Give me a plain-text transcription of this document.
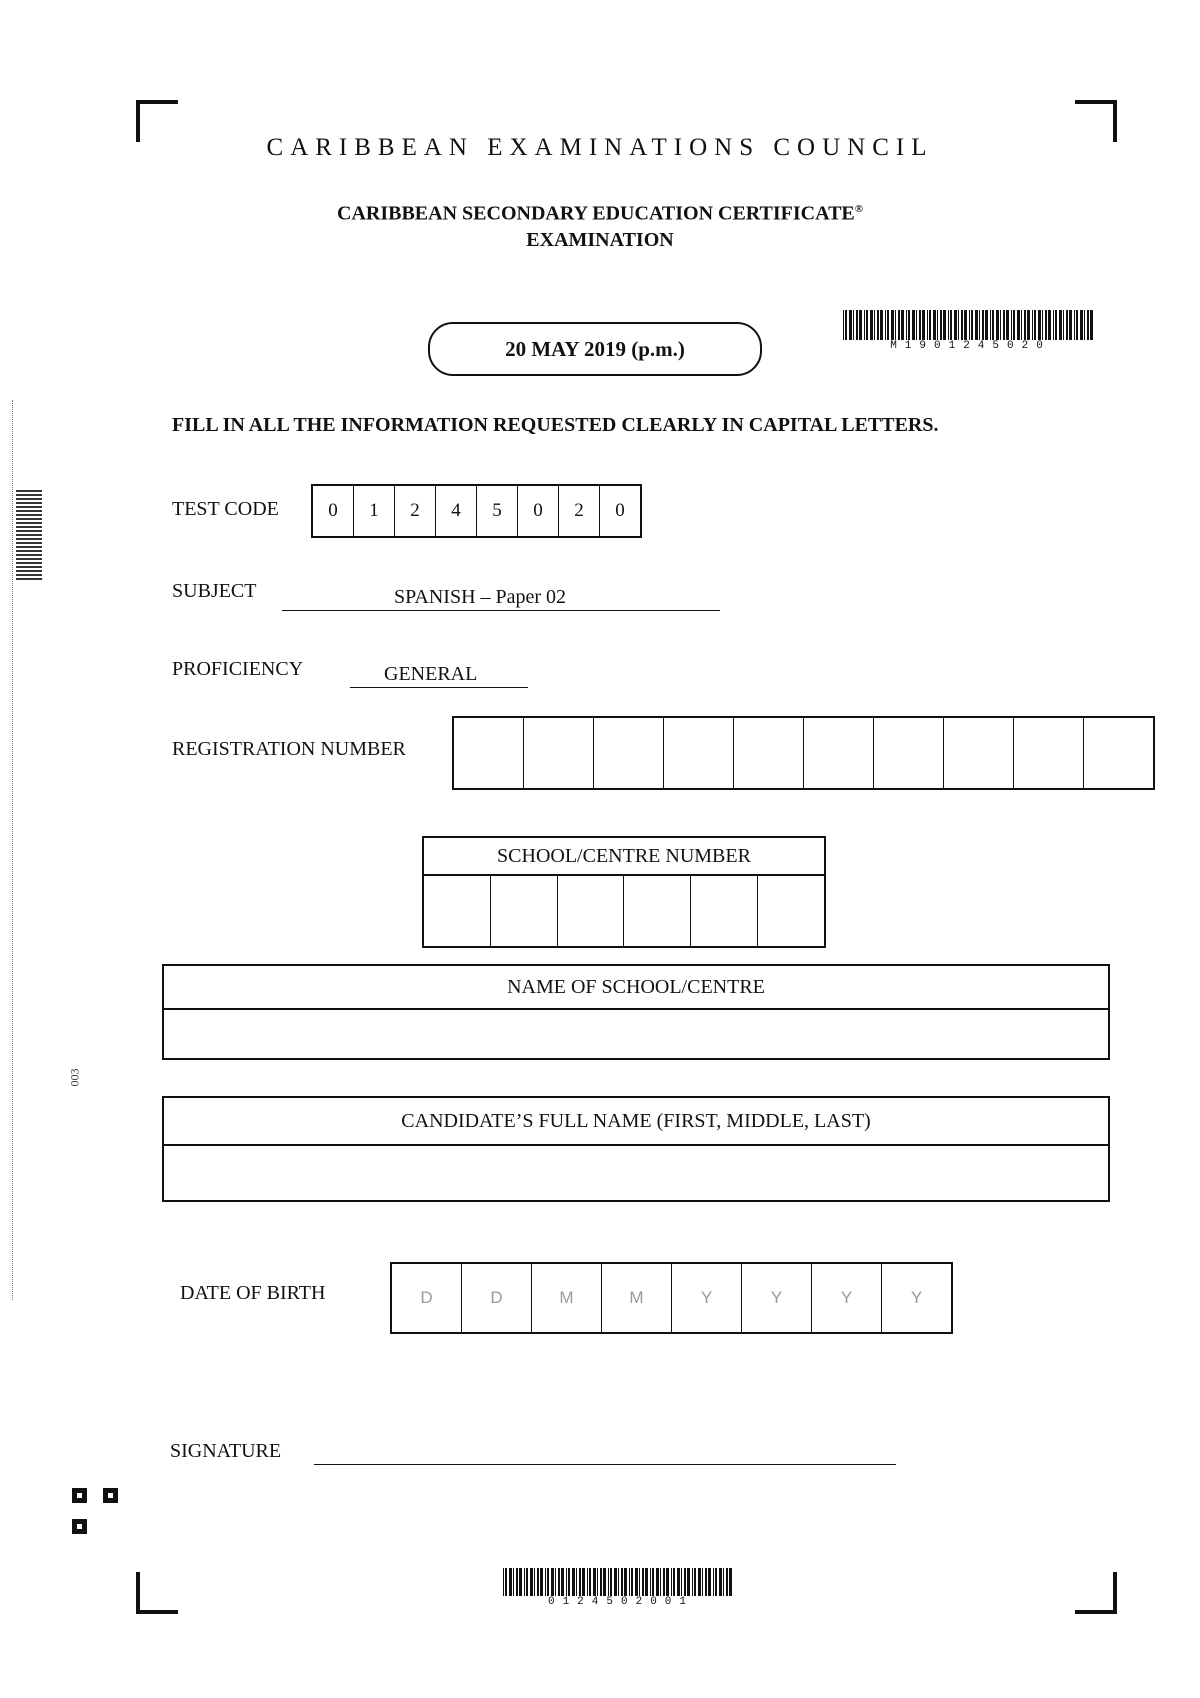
003
CARIBBEAN EXAMINATIONS COUNCIL
CARIBBEAN SECONDARY EDUCATION CERTIFICATE®
EXAMINATION
20 MAY 2019 (p.m.)	M1901245020
FILL IN ALL THE INFORMATION REQUESTED CLEARLY IN CAPITAL LETTERS.
TEST CODE	0	1	2	4	5	0	2	0
SUBJECT	SPANISH – Paper 02
PROFICIENCY	GENERAL
REGISTRATION NUMBER
SCHOOL/CENTRE NUMBER
NAME OF SCHOOL/CENTRE
CANDIDATE’S FULL NAME (FIRST, MIDDLE, LAST)
DATE OF BIRTH	D	D	M	M	Y	Y	Y	Y
SIGNATURE
0124502001
